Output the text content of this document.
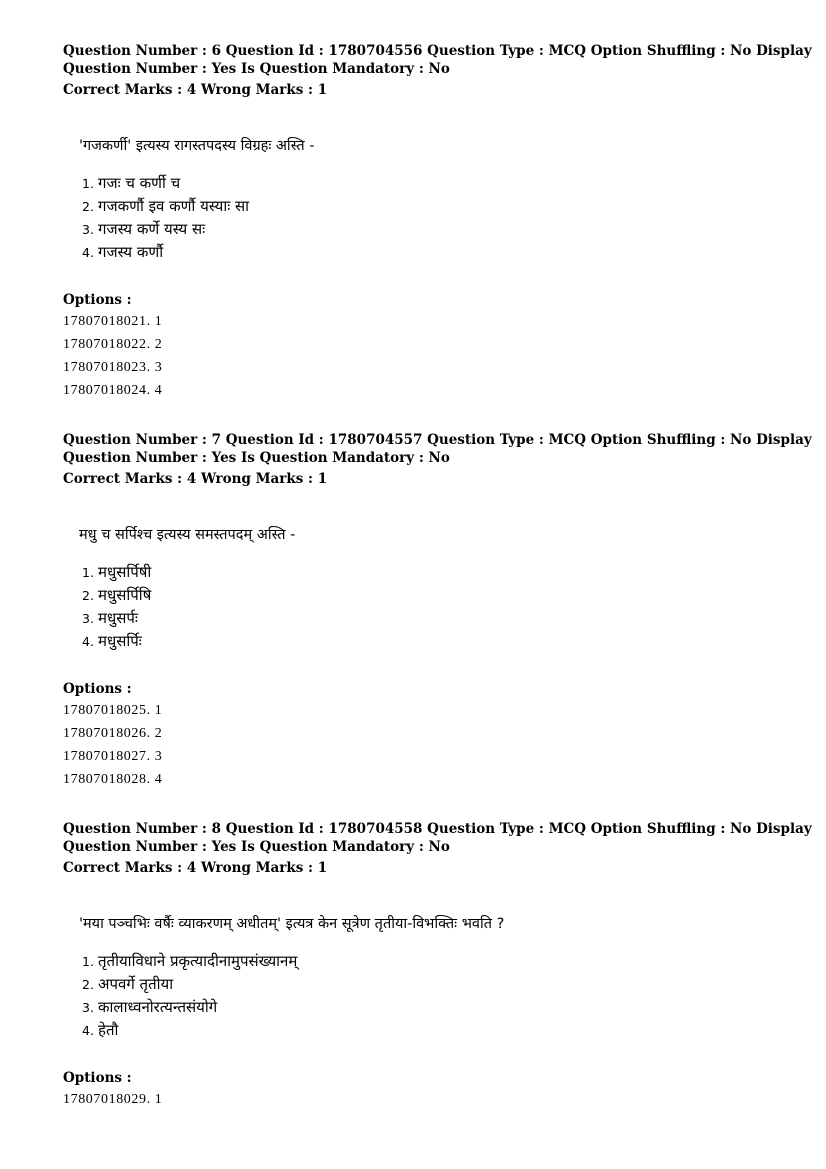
Question Number : 6 Question Id : 1780704556 Question Type : MCQ Option Shuffling : No Display
Question Number : Yes Is Question Mandatory : No
Correct Marks : 4 Wrong Marks : 1
'गजकर्णी' इत्यस्य रागस्तपदस्य विग्रहः अस्ति -
1. गजः च कर्णी च
2. गजकर्णौ इव कर्णौ यस्याः सा
3. गजस्य कर्णे यस्य सः
4. गजस्य कर्णौ
Options :
17807018021. 1
17807018022. 2
17807018023. 3
17807018024. 4
Question Number : 7 Question Id : 1780704557 Question Type : MCQ Option Shuffling : No Display
Question Number : Yes Is Question Mandatory : No
Correct Marks : 4 Wrong Marks : 1
मधु च सर्पिश्च इत्यस्य समस्तपदम् अस्ति -
1. मधुसर्पिषी
2. मधुसर्पिषि
3. मधुसर्पः
4. मधुसर्पिः
Options :
17807018025. 1
17807018026. 2
17807018027. 3
17807018028. 4
Question Number : 8 Question Id : 1780704558 Question Type : MCQ Option Shuffling : No Display
Question Number : Yes Is Question Mandatory : No
Correct Marks : 4 Wrong Marks : 1
'मया पञ्चभिः वर्षैः व्याकरणम् अधीतम्' इत्यत्र केन सूत्रेण तृतीया-विभक्तिः भवति ?
1. तृतीयाविधाने प्रकृत्यादीनामुपसंख्यानम्
2. अपवर्गे तृतीया
3. कालाध्वनोरत्यन्तसंयोगे
4. हेतौ
Options :
17807018029. 1
